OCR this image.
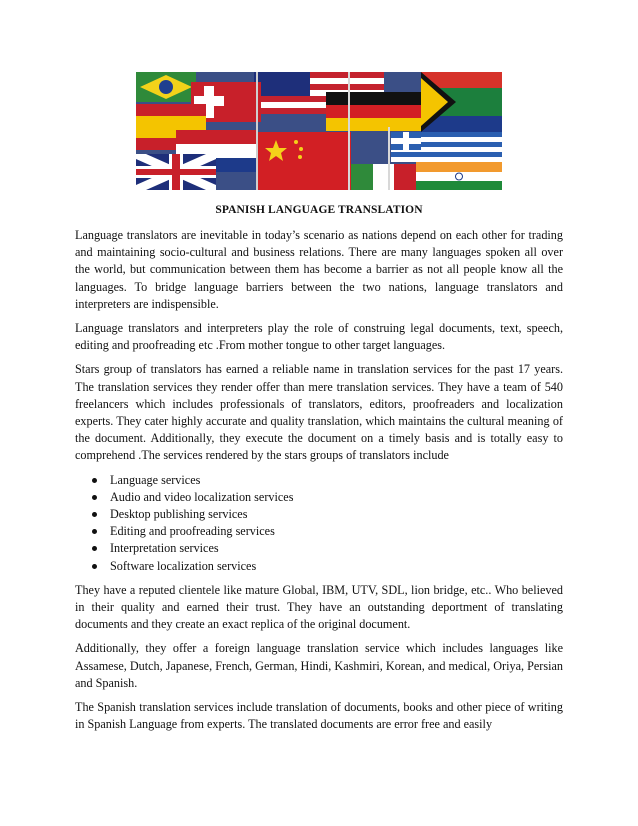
SPANISH LANGUAGE TRANSLATION

Language translators are inevitable in today’s scenario as nations depend on each other for trading and maintaining socio-cultural and business relations. There are many languages spoken all over the world, but communication between them has become a barrier as not all people know all the languages. To bridge language barriers between the two nations, language translators and interpreters are indispensible.

Language translators and interpreters play the role of construing legal documents, text, speech, editing and proofreading etc .From mother tongue to other target languages.

Stars group of translators has earned a reliable name in translation services for the past 17 years. The translation services they render offer than mere translation services. They have a team of 540 freelancers which includes professionals of translators, editors, proofreaders and localization experts. They cater highly accurate and quality translation, which maintains the cultural meaning of the document. Additionally, they execute the document on a timely basis and is totally easy to comprehend .The services rendered by the stars groups of translators include

Language services
Audio and video localization services
Desktop publishing services
Editing and proofreading services
Interpretation services
Software localization services

They have a reputed clientele like mature Global, IBM, UTV, SDL, lion bridge, etc.. Who believed in their quality and earned their trust. They have an outstanding deportment of translating documents and they create an exact replica of the original document.

Additionally, they offer a foreign language translation service which includes languages like Assamese, Dutch, Japanese, French, German, Hindi, Kashmiri, Korean, and medical, Oriya, Persian and Spanish.

The Spanish translation services include translation of documents, books and other piece of writing in Spanish Language from experts. The translated documents are error free and easily
